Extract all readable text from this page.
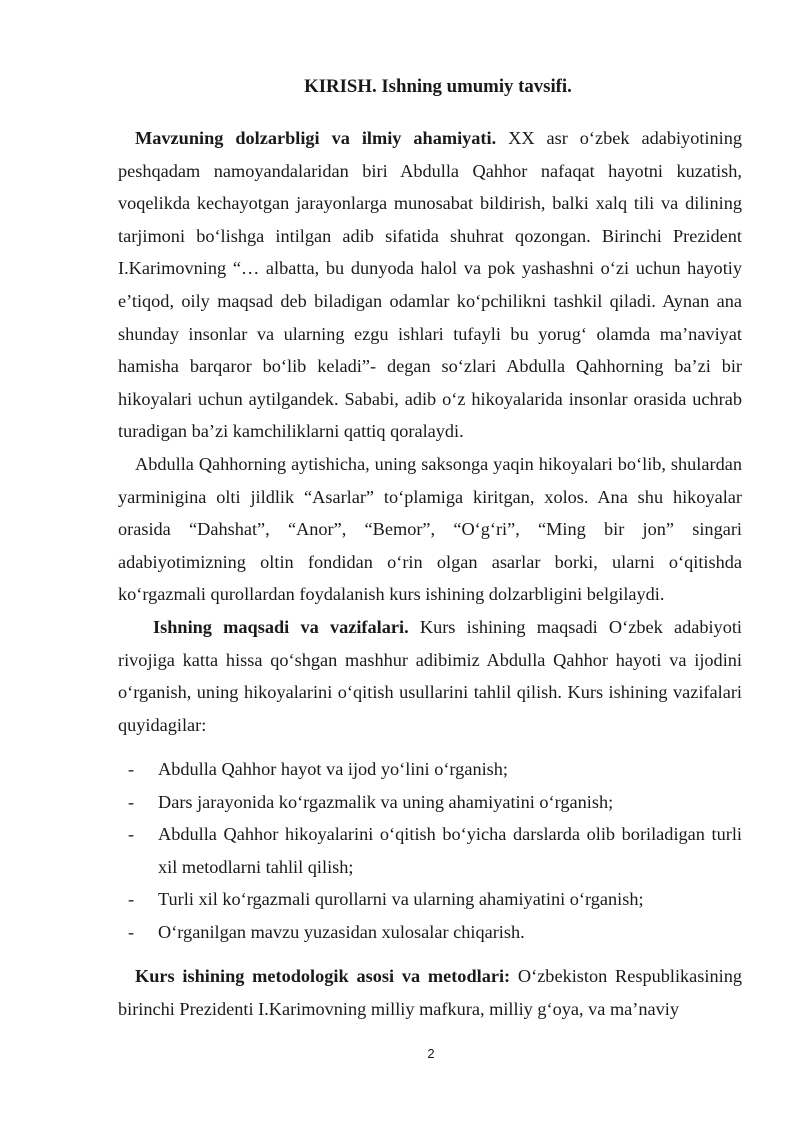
KIRISH. Ishning umumiy tavsifi.

Mavzuning dolzarbligi va ilmiy ahamiyati. XX asr o‘zbek adabiyotining peshqadam namoyandalaridan biri Abdulla Qahhor nafaqat hayotni kuzatish, voqelikda kechayotgan jarayonlarga munosabat bildirish, balki xalq tili va dilining tarjimoni bo‘lishga intilgan adib sifatida shuhrat qozongan. Birinchi Prezident I.Karimovning “… albatta, bu dunyoda halol va pok yashashni o‘zi uchun hayotiy e’tiqod, oily maqsad deb biladigan odamlar ko‘pchilikni tashkil qiladi. Aynan ana shunday insonlar va ularning ezgu ishlari tufayli bu yorug‘ olamda ma’naviyat hamisha barqaror bo‘lib keladi”- degan so‘zlari Abdulla Qahhorning ba’zi bir hikoyalari uchun aytilgandek. Sababi, adib o‘z hikoyalarida insonlar orasida uchrab turadigan ba’zi kamchiliklarni qattiq qoralaydi.

Abdulla Qahhorning aytishicha, uning saksonga yaqin hikoyalari bo‘lib, shulardan yarminigina olti jildlik “Asarlar” to‘plamiga kiritgan, xolos. Ana shu hikoyalar orasida “Dahshat”, “Anor”, “Bemor”, “O‘g‘ri”, “Ming bir jon” singari adabiyotimizning oltin fondidan o‘rin olgan asarlar borki, ularni o‘qitishda ko‘rgazmali qurollardan foydalanish kurs ishining dolzarbligini belgilaydi.

Ishning maqsadi va vazifalari. Kurs ishining maqsadi O‘zbek adabiyoti rivojiga katta hissa qo‘shgan mashhur adibimiz Abdulla Qahhor hayoti va ijodini o‘rganish, uning hikoyalarini o‘qitish usullarini tahlil qilish. Kurs ishining vazifalari quyidagilar:

- Abdulla Qahhor hayot va ijod yo‘lini o‘rganish;
- Dars jarayonida ko‘rgazmalik va uning ahamiyatini o‘rganish;
- Abdulla Qahhor hikoyalarini o‘qitish bo‘yicha darslarda olib boriladigan turli xil metodlarni tahlil qilish;
- Turli xil ko‘rgazmali qurollarni va ularning ahamiyatini o‘rganish;
- O‘rganilgan mavzu yuzasidan xulosalar chiqarish.

Kurs ishining metodologik asosi va metodlari: O‘zbekiston Respublikasining birinchi Prezidenti I.Karimovning milliy mafkura, milliy g‘oya, va ma’naviy

2
